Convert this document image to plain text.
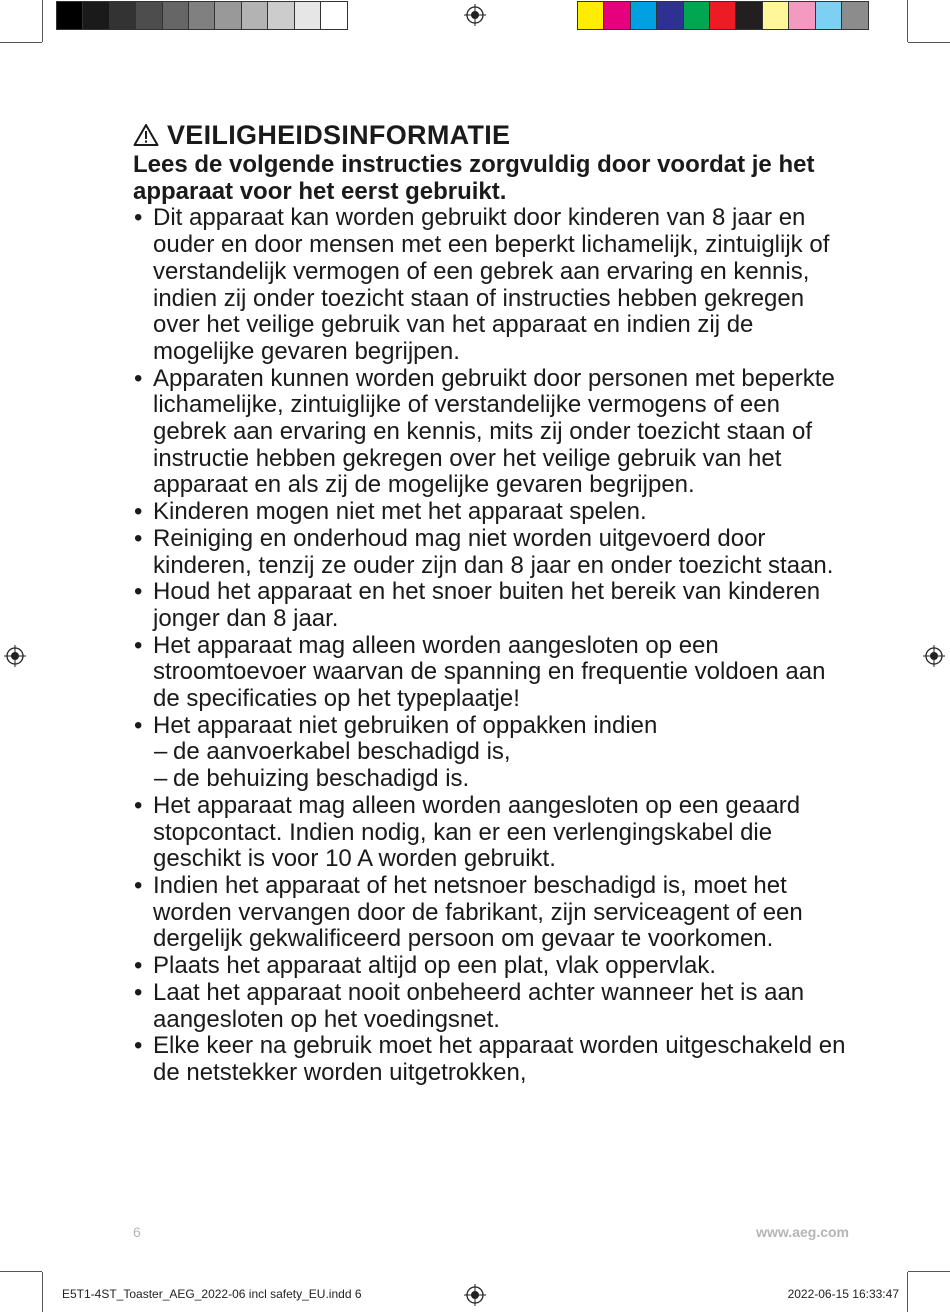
VEILIGHEIDSINFORMATIE

Lees de volgende instructies zorgvuldig door voordat je het apparaat voor het eerst gebruikt.

• Dit apparaat kan worden gebruikt door kinderen van 8 jaar en ouder en door mensen met een beperkt lichamelijk, zintuiglijk of verstandelijk vermogen of een gebrek aan ervaring en kennis, indien zij onder toezicht staan of instructies hebben gekregen over het veilige gebruik van het apparaat en indien zij de mogelijke gevaren begrijpen.
• Apparaten kunnen worden gebruikt door personen met beperkte lichamelijke, zintuiglijke of verstandelijke vermogens of een gebrek aan ervaring en kennis, mits zij onder toezicht staan of instructie hebben gekregen over het veilige gebruik van het apparaat en als zij de mogelijke gevaren begrijpen.
• Kinderen mogen niet met het apparaat spelen.
• Reiniging en onderhoud mag niet worden uitgevoerd door kinderen, tenzij ze ouder zijn dan 8 jaar en onder toezicht staan.
• Houd het apparaat en het snoer buiten het bereik van kinderen jonger dan 8 jaar.
• Het apparaat mag alleen worden aangesloten op een stroomtoevoer waarvan de spanning en frequentie voldoen aan de specificaties op het typeplaatje!
• Het apparaat niet gebruiken of oppakken indien
– de aanvoerkabel beschadigd is,
– de behuizing beschadigd is.
• Het apparaat mag alleen worden aangesloten op een geaard stopcontact. Indien nodig, kan er een verlengingskabel die geschikt is voor 10 A worden gebruikt.
• Indien het apparaat of het netsnoer beschadigd is, moet het worden vervangen door de fabrikant, zijn serviceagent of een dergelijk gekwalificeerd persoon om gevaar te voorkomen.
• Plaats het apparaat altijd op een plat, vlak oppervlak.
• Laat het apparaat nooit onbeheerd achter wanneer het is aan aangesloten op het voedingsnet.
• Elke keer na gebruik moet het apparaat worden uitgeschakeld en de netstekker worden uitgetrokken,
6	www.aeg.com
E5T1-4ST_Toaster_AEG_2022-06 incl safety_EU.indd 6	2022-06-15 16:33:47
